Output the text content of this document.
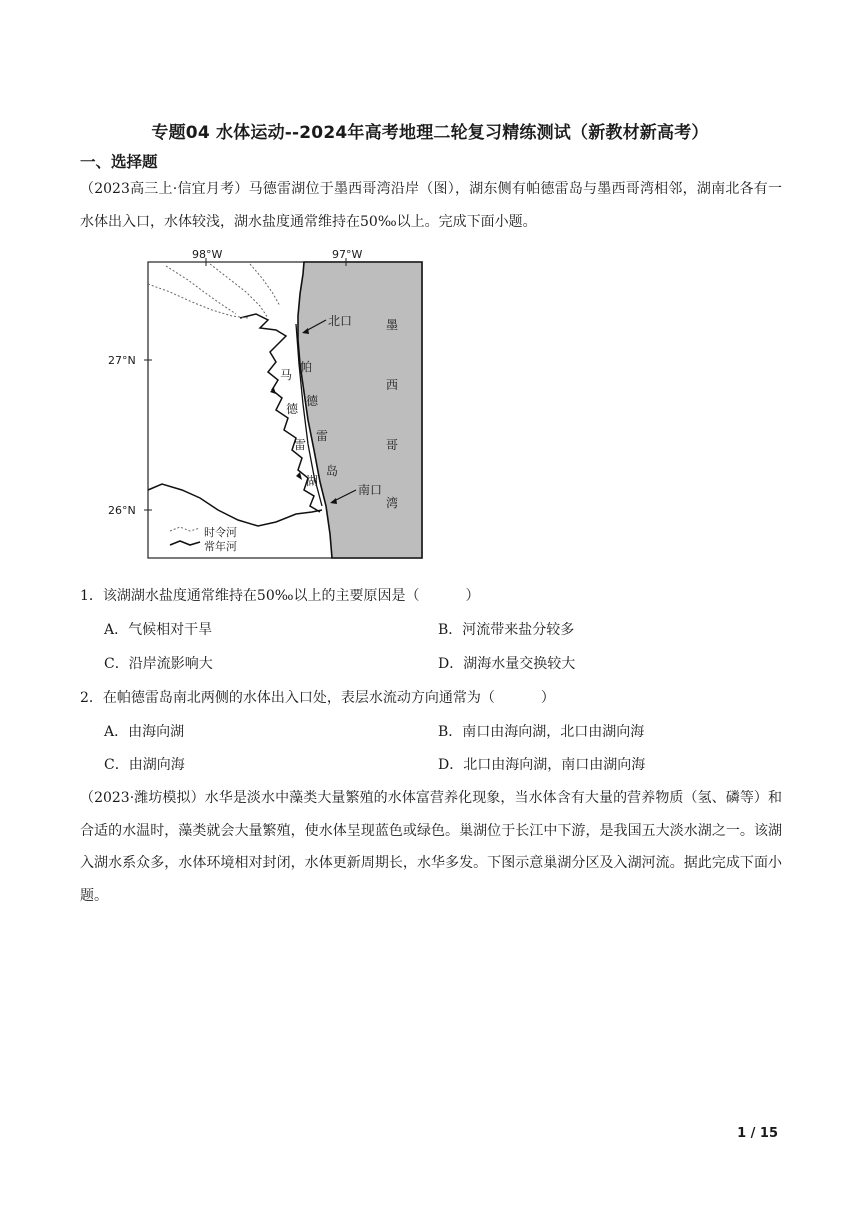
专题04 水体运动--2024年高考地理二轮复习精练测试（新教材新高考）
一、选择题
（2023高三上·信宜月考）马德雷湖位于墨西哥湾沿岸（图），湖东侧有帕德雷岛与墨西哥湾相邻，湖南北各有一水体出入口，水体较浅，湖水盐度通常维持在50‰以上。完成下面小题。
98°W	97°W
27°N
26°N
北口
南口
马
德
雷
湖
帕
德
雷
岛
墨
西
哥
湾
时令河
常年河
1．该湖湖水盐度通常维持在50‰以上的主要原因是（	）
A．气候相对干旱	B．河流带来盐分较多
C．沿岸流影响大	D．湖海水量交换较大
2．在帕德雷岛南北两侧的水体出入口处，表层水流动方向通常为（	）
A．由海向湖	B．南口由海向湖，北口由湖向海
C．由湖向海	D．北口由海向湖，南口由湖向海
（2023·潍坊模拟）水华是淡水中藻类大量繁殖的水体富营养化现象，当水体含有大量的营养物质（氢、磷等）和合适的水温时，藻类就会大量繁殖，使水体呈现蓝色或绿色。巢湖位于长江中下游，是我国五大淡水湖之一。该湖入湖水系众多，水体环境相对封闭，水体更新周期长，水华多发。下图示意巢湖分区及入湖河流。据此完成下面小题。
1 / 15
